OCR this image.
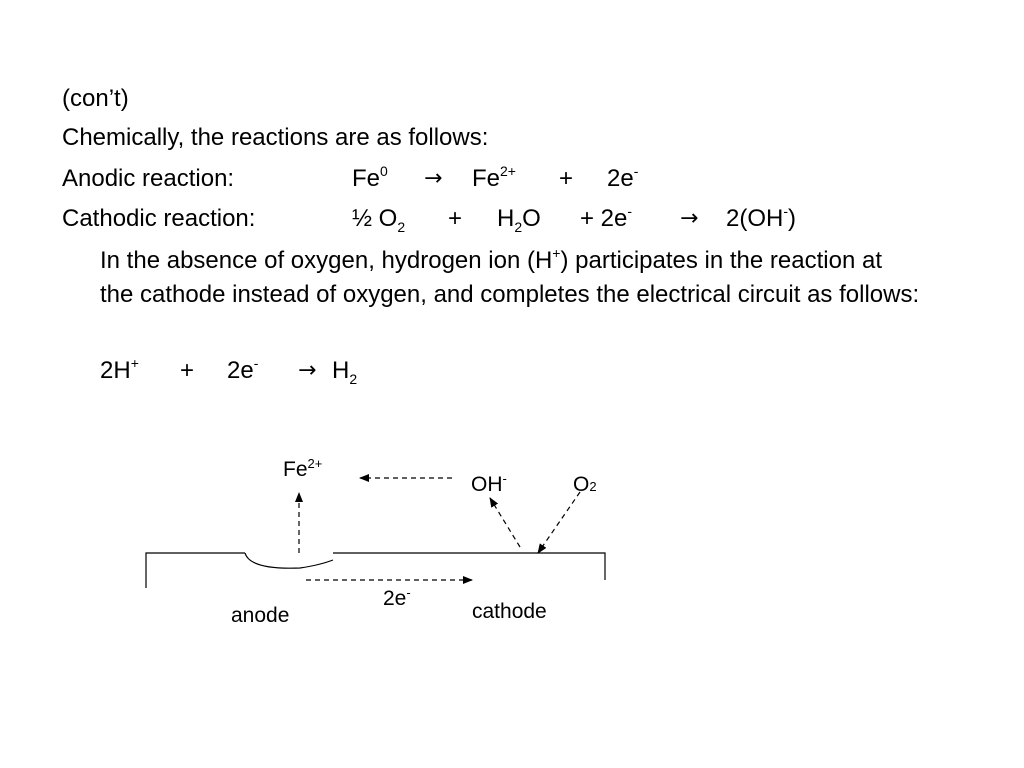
(con’t)
Chemically, the reactions are as follows:
Anodic reaction:	$Fe^0 \to Fe^{2+} + 2e^-$
Cathodic reaction:	½ $O_2 + H_2O + 2e^- \to 2(OH^-)$
In the absence of oxygen, hydrogen ion (H+) participates in the reaction at the cathode instead of oxygen, and completes the electrical circuit as follows:
$2H^+ + 2e^- \to H_2$
$Fe^{2+}$
OH-	O2
2e-
anode	cathode
